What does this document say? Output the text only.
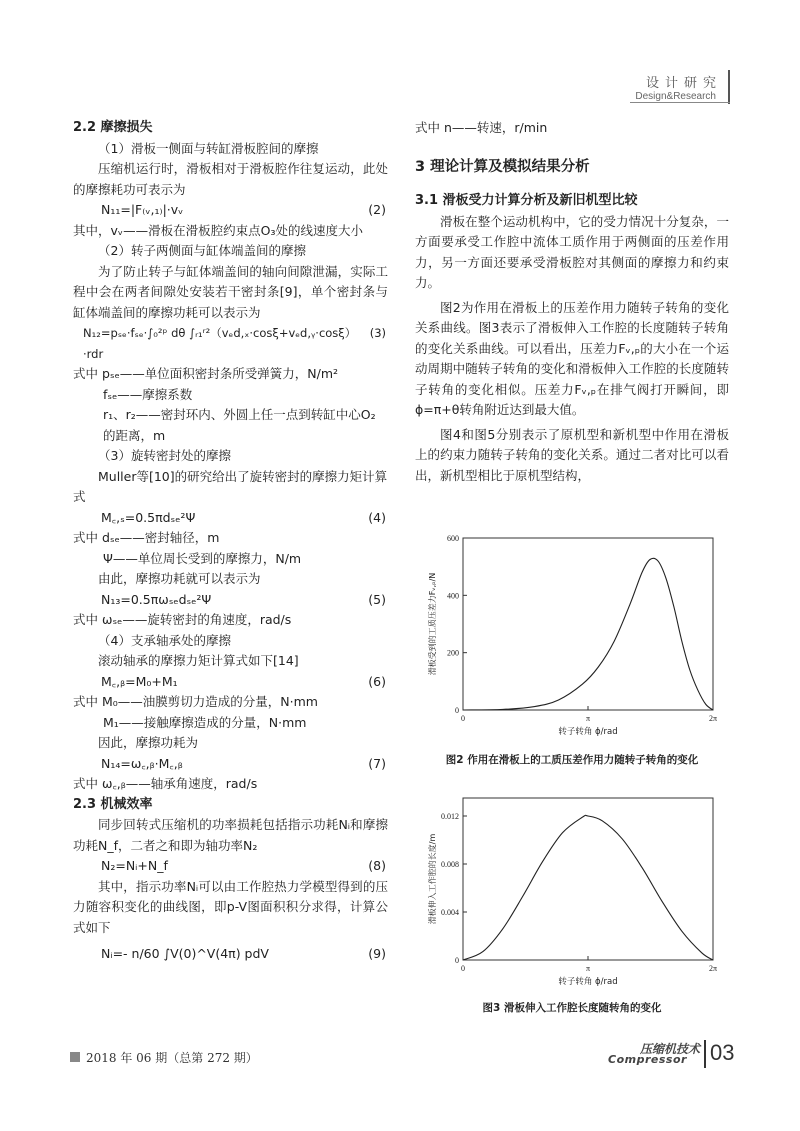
设计研究
Design&Research

2.2 摩擦损失

（1）滑板一侧面与转缸滑板腔间的摩擦

压缩机运行时，滑板相对于滑板腔作往复运动，此处的摩擦耗功可表示为

N₁₁=|F₍ᵥ,₁₎|·vᵥ	(2)

其中，vᵥ——滑板在滑板腔约束点O₃处的线速度大小

（2）转子两侧面与缸体端盖间的摩擦

为了防止转子与缸体端盖间的轴向间隙泄漏，实际工程中会在两者间隙处安装若干密封条[9]，单个密封条与缸体端盖间的摩擦功耗可以表示为

N₁₂=pₛₑ·fₛₑ·∫₀²ᵖ dθ ∫ᵣ₁ʳ²（vₑd,ₓ·cosξ+vₑd,ᵧ·cosξ）·rdr
(3)

式中 pₛₑ——单位面积密封条所受弹簧力，N/m²

fₛₑ——摩擦系数

r₁、r₂——密封环内、外圆上任一点到转缸中心O₂的距离，m

（3）旋转密封处的摩擦

Muller等[10]的研究给出了旋转密封的摩擦力矩计算式

M꜀,ₛ=0.5πdₛₑ²Ψ	(4)

式中 dₛₑ——密封轴径，m

Ψ——单位周长受到的摩擦力，N/m

由此，摩擦功耗就可以表示为

N₁₃=0.5πωₛₑdₛₑ²Ψ	(5)

式中 ωₛₑ——旋转密封的角速度，rad/s

（4）支承轴承处的摩擦

滚动轴承的摩擦力矩计算式如下[14]

M꜀,ᵦ=M₀+M₁	(6)

式中 M₀——油膜剪切力造成的分量，N·mm

M₁——接触摩擦造成的分量，N·mm

因此，摩擦功耗为

N₁₄=ω꜀,ᵦ·M꜀,ᵦ	(7)

式中 ω꜀,ᵦ——轴承角速度，rad/s

2.3 机械效率

同步回转式压缩机的功率损耗包括指示功耗Nᵢ和摩擦功耗N_f，二者之和即为轴功率N₂

N₂=Nᵢ+N_f	(8)

其中，指示功率Nᵢ可以由工作腔热力学模型得到的压力随容积变化的曲线图，即p-V图面积积分求得，计算公式如下

Nᵢ=- n/60 ∫V(0)^V(4π) pdV	(9)

式中 n——转速，r/min

3 理论计算及模拟结果分析

3.1 滑板受力计算分析及新旧机型比较

滑板在整个运动机构中，它的受力情况十分复杂，一方面要承受工作腔中流体工质作用于两侧面的压差作用力，另一方面还要承受滑板腔对其侧面的摩擦力和约束力。

图2为作用在滑板上的压差作用力随转子转角的变化关系曲线。图3表示了滑板伸入工作腔的长度随转子转角的变化关系曲线。可以看出，压差力Fᵥ,ₚ的大小在一个运动周期中随转子转角的变化和滑板伸入工作腔的长度随转子转角的变化相似。压差力Fᵥ,ₚ在排气阀打开瞬间，即ϕ=π+θ转角附近达到最大值。

图4和图5分别表示了原机型和新机型中作用在滑板上的约束力随转子转角的变化关系。通过二者对比可以看出，新机型相比于原机型结构，

0
200
400
600
0	π	2π
转子转角 ϕ/rad
滑板受到的工质压差力Fᵥ,ₚ/N
图2 作用在滑板上的工质压差作用力随转子转角的变化
0
0.004
0.008
0.012
0	π	2π
转子转角 ϕ/rad
滑板伸入工作腔的长度/m
图3 滑板伸入工作腔长度随转角的变化
2018 年 06 期（总第 272 期）
压缩机技术
Compressor 03
